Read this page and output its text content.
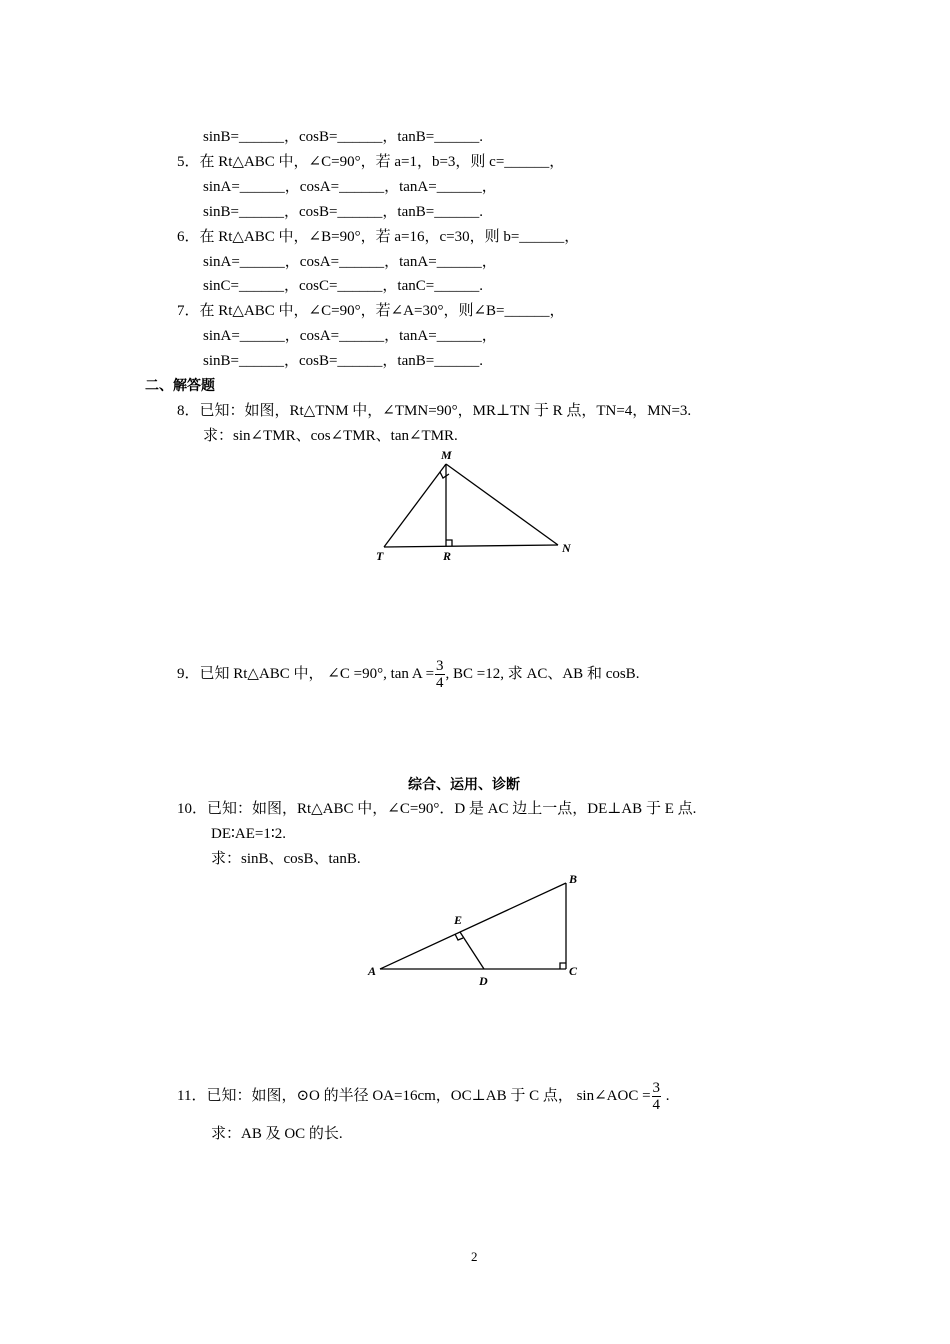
sinB=______，cosB=______，tanB=______.
5．在 Rt△ABC 中，∠C=90°，若 a=1，b=3，则 c=______，
sinA=______，cosA=______，tanA=______，
sinB=______，cosB=______，tanB=______.
6．在 Rt△ABC 中，∠B=90°，若 a=16，c=30，则 b=______，
sinA=______，cosA=______，tanA=______，
sinC=______，cosC=______，tanC=______.
7．在 Rt△ABC 中，∠C=90°，若∠A=30°，则∠B=______，
sinA=______，cosA=______，tanA=______，
sinB=______，cosB=______，tanB=______.
二、解答题
8．已知：如图，Rt△TNM 中，∠TMN=90°，MR⊥TN 于 R 点，TN=4，MN=3.
求：sin∠TMR、cos∠TMR、tan∠TMR.
M
T	R
N
9．已知 Rt△ABC 中， ∠C =90°, $\tan A = \frac{3}{4}$ , BC =12, 求 AC、AB 和 cosB.
综合、运用、诊断
10．已知：如图，Rt△ABC 中，∠C=90°．D 是 AC 边上一点，DE⊥AB 于 E 点.
DE∶AE=1∶2.
求：sinB、cosB、tanB.
B
E
A
D
C
11．已知：如图，⊙O 的半径 OA=16cm，OC⊥AB 于 C 点， sin∠AOC = $\frac{3}{4}$ .
求：AB 及 OC 的长.
2
